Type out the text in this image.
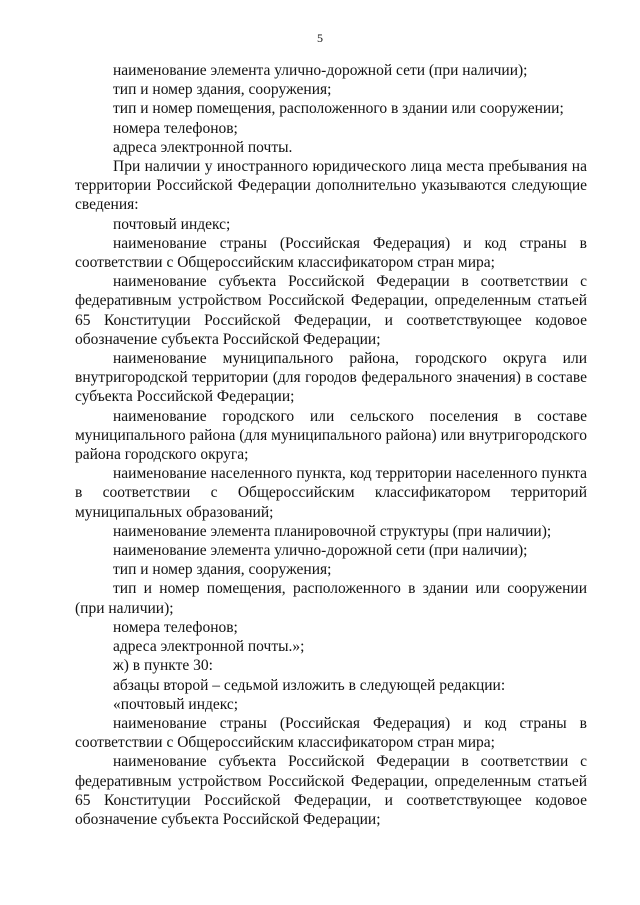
5

наименование элемента улично-дорожной сети (при наличии);

тип и номер здания, сооружения;

тип и номер помещения, расположенного в здании или сооружении;

номера телефонов;

адреса электронной почты.

При наличии у иностранного юридического лица места пребывания на территории Российской Федерации дополнительно указываются следующие сведения:

почтовый индекс;

наименование страны (Российская Федерация) и код страны в соответствии с Общероссийским классификатором стран мира;

наименование субъекта Российской Федерации в соответствии с федеративным устройством Российской Федерации, определенным статьей 65 Конституции Российской Федерации, и соответствующее кодовое обозначение субъекта Российской Федерации;

наименование муниципального района, городского округа или внутригородской территории (для городов федерального значения) в составе субъекта Российской Федерации;

наименование городского или сельского поселения в составе муниципального района (для муниципального района) или внутригородского района городского округа;

наименование населенного пункта, код территории населенного пункта в соответствии с Общероссийским классификатором территорий муниципальных образований;

наименование элемента планировочной структуры (при наличии);

наименование элемента улично-дорожной сети (при наличии);

тип и номер здания, сооружения;

тип и номер помещения, расположенного в здании или сооружении (при наличии);

номера телефонов;

адреса электронной почты.»;

ж) в пункте 30:

абзацы второй – седьмой изложить в следующей редакции:

«почтовый индекс;

наименование страны (Российская Федерация) и код страны в соответствии с Общероссийским классификатором стран мира;

наименование субъекта Российской Федерации в соответствии с федеративным устройством Российской Федерации, определенным статьей 65 Конституции Российской Федерации, и соответствующее кодовое обозначение субъекта Российской Федерации;
